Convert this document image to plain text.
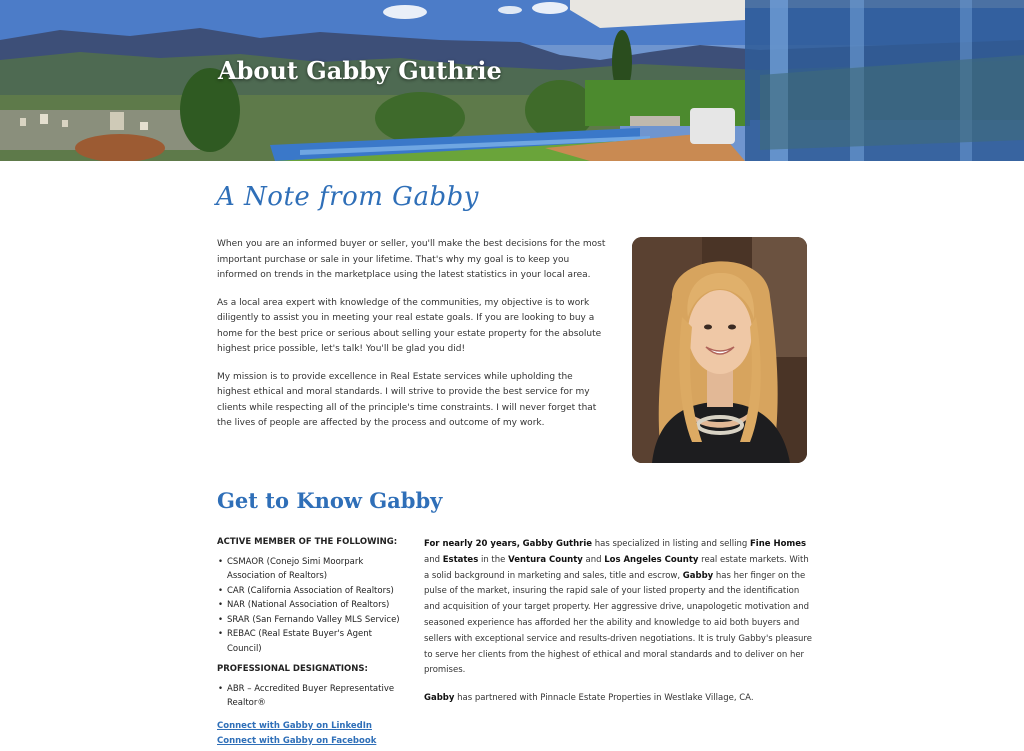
About Gabby Guthrie
A Note from Gabby

When you are an informed buyer or seller, you'll make the best decisions for the most important purchase or sale in your lifetime. That's why my goal is to keep you informed on trends in the marketplace using the latest statistics in your local area.

As a local area expert with knowledge of the communities, my objective is to work diligently to assist you in meeting your real estate goals. If you are looking to buy a home for the best price or serious about selling your estate property for the absolute highest price possible, let's talk! You'll be glad you did!

My mission is to provide excellence in Real Estate services while upholding the highest ethical and moral standards. I will strive to provide the best service for my clients while respecting all of the principle's time constraints. I will never forget that the lives of people are affected by the process and outcome of my work.

Get to Know Gabby
ACTIVE MEMBER OF THE FOLLOWING:
• CSMAOR (Conejo Simi Moorpark Association of Realtors)
• CAR (California Association of Realtors)
• NAR (National Association of Realtors)
• SRAR (San Fernando Valley MLS Service)
• REBAC (Real Estate Buyer's Agent Council)
PROFESSIONAL DESIGNATIONS:
• ABR – Accredited Buyer Representative Realtor®
Connect with Gabby on LinkedIn
Connect with Gabby on Facebook

For nearly 20 years, Gabby Guthrie has specialized in listing and selling Fine Homes and Estates in the Ventura County and Los Angeles County real estate markets. With a solid background in marketing and sales, title and escrow, Gabby has her finger on the pulse of the market, insuring the rapid sale of your listed property and the identification and acquisition of your target property. Her aggressive drive, unapologetic motivation and seasoned experience has afforded her the ability and knowledge to aid both buyers and sellers with exceptional service and results-driven negotiations. It is truly Gabby's pleasure to serve her clients from the highest of ethical and moral standards and to deliver on her promises.

Gabby has partnered with Pinnacle Estate Properties in Westlake Village, CA.
